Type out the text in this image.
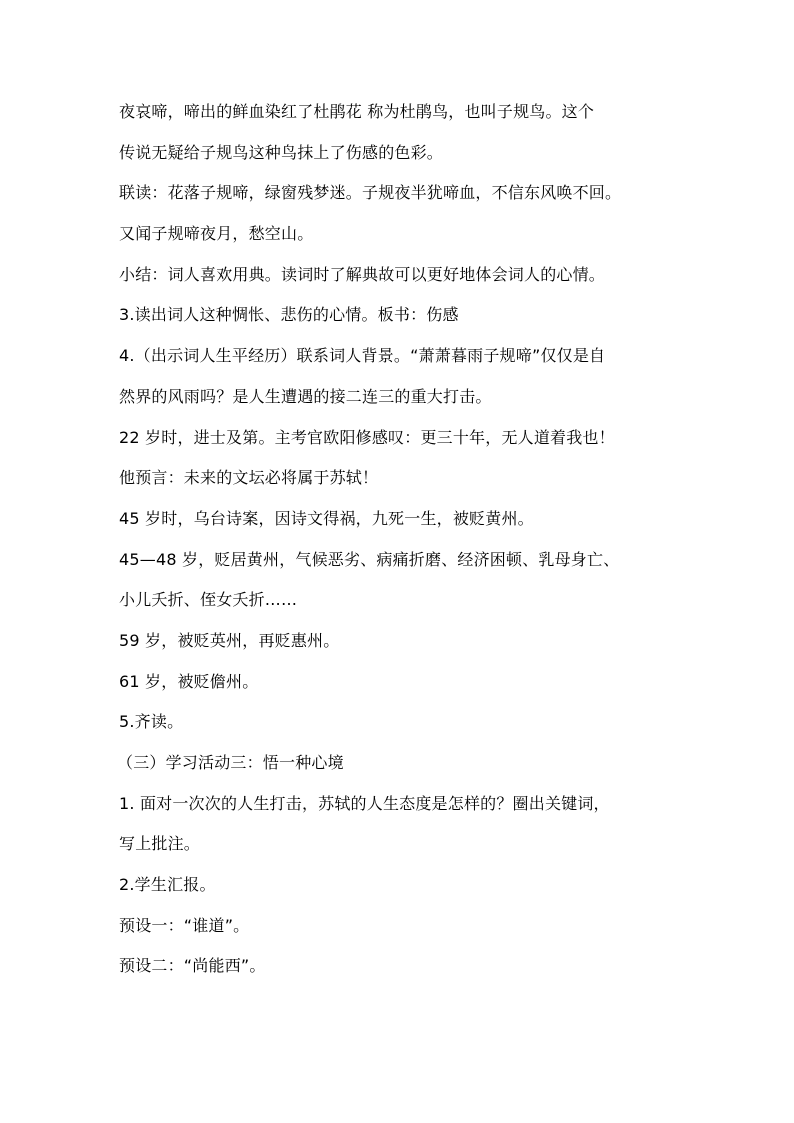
夜哀啼，啼出的鲜血染红了杜鹃花 称为杜鹃鸟，也叫子规鸟。这个
传说无疑给子规鸟这种鸟抹上了伤感的色彩。
联读：花落子规啼，绿窗残梦迷。子规夜半犹啼血，不信东风唤不回。
又闻子规啼夜月，愁空山。
小结：词人喜欢用典。读词时了解典故可以更好地体会词人的心情。
3.读出词人这种惆怅、悲伤的心情。板书：伤感
4.（出示词人生平经历）联系词人背景。“萧萧暮雨子规啼”仅仅是自
然界的风雨吗？是人生遭遇的接二连三的重大打击。
22 岁时，进士及第。主考官欧阳修感叹：更三十年，无人道着我也！
他预言：未来的文坛必将属于苏轼！
45 岁时，乌台诗案，因诗文得祸，九死一生，被贬黄州。
45—48 岁，贬居黄州，气候恶劣、病痛折磨、经济困顿、乳母身亡、
小儿夭折、侄女夭折……
59 岁，被贬英州，再贬惠州。
61 岁，被贬儋州。
5.齐读。
（三）学习活动三：悟一种心境
1. 面对一次次的人生打击，苏轼的人生态度是怎样的？圈出关键词，
写上批注。
2.学生汇报。
预设一：“谁道”。
预设二：“尚能西”。
